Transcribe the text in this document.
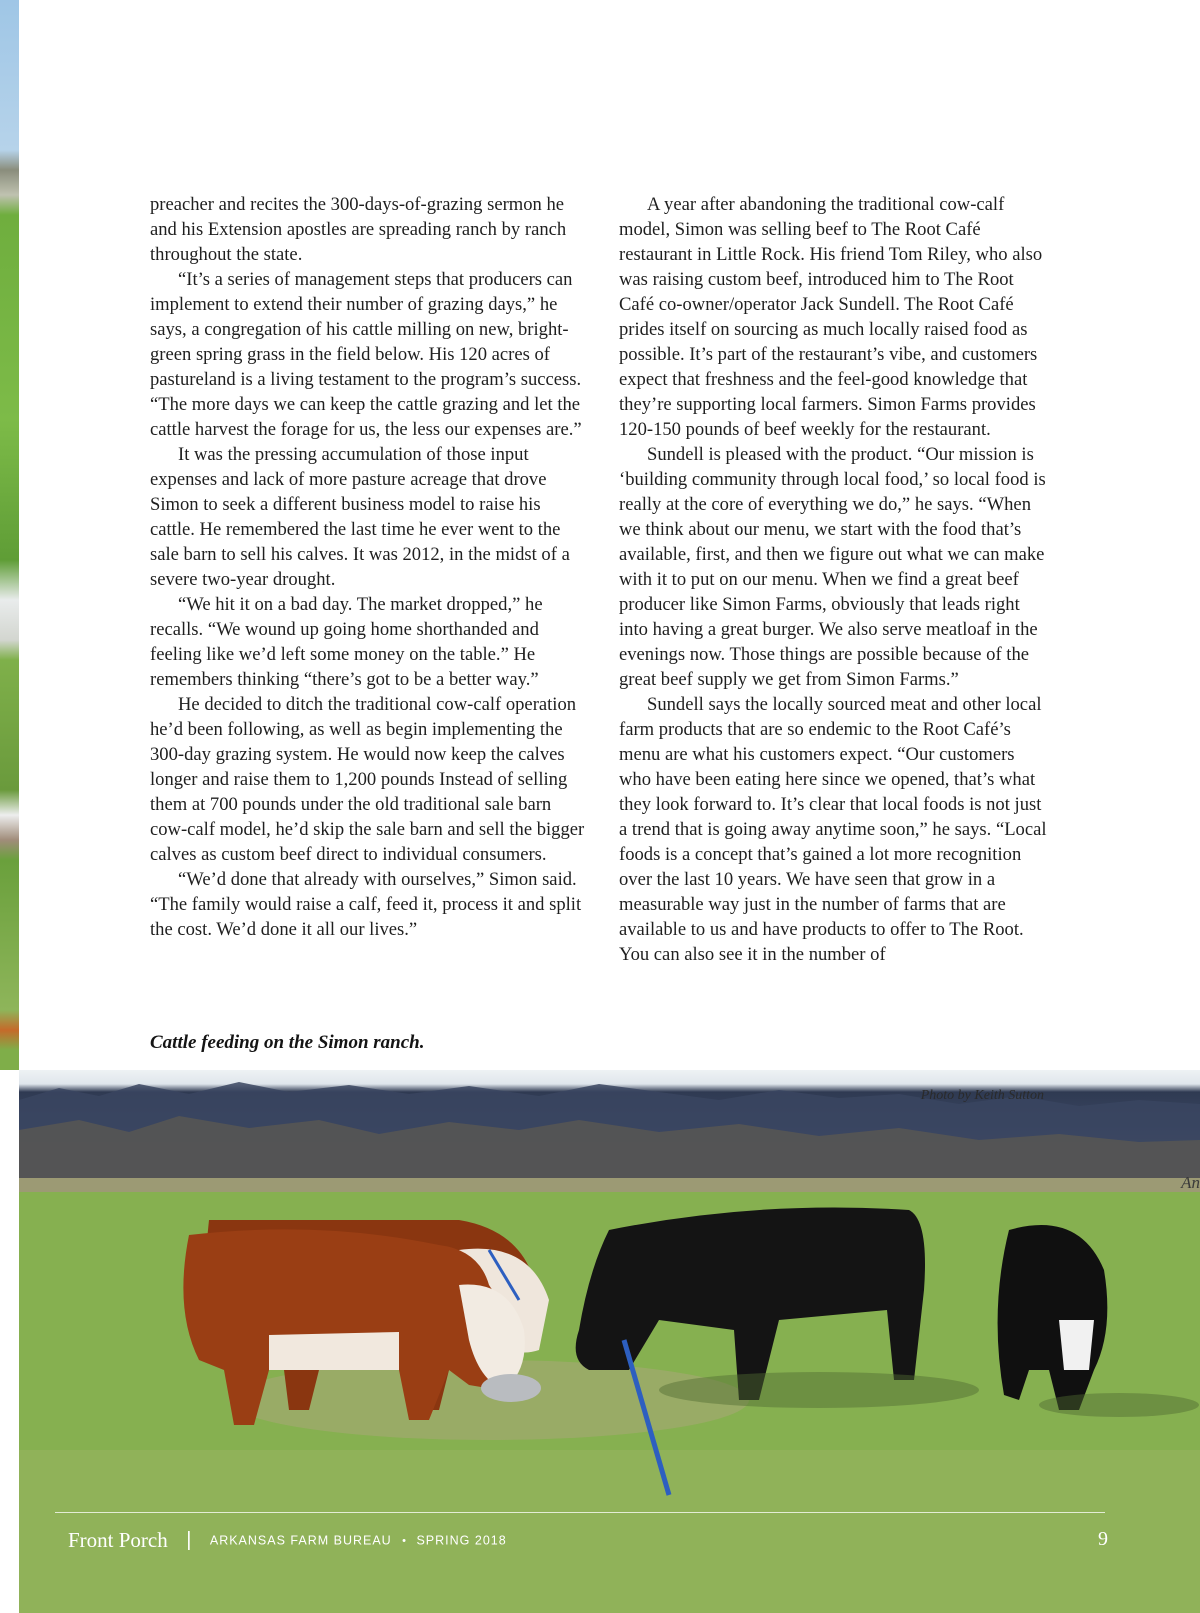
preacher and recites the 300-days-of-grazing sermon he and his Extension apostles are spreading ranch by ranch throughout the state.

“It’s a series of management steps that producers can implement to extend their number of grazing days,” he says, a congregation of his cattle milling on new, bright-green spring grass in the field below. His 120 acres of pastureland is a living testament to the program’s success. “The more days we can keep the cattle grazing and let the cattle harvest the forage for us, the less our expenses are.”

It was the pressing accumulation of those input expenses and lack of more pasture acreage that drove Simon to seek a different business model to raise his cattle. He remembered the last time he ever went to the sale barn to sell his calves. It was 2012, in the midst of a severe two-year drought.

“We hit it on a bad day. The market dropped,” he recalls. “We wound up going home shorthanded and feeling like we’d left some money on the table.” He remembers thinking “there’s got to be a better way.”

He decided to ditch the traditional cow-calf operation he’d been following, as well as begin implementing the 300-day grazing system. He would now keep the calves longer and raise them to 1,200 pounds Instead of selling them at 700 pounds under the old traditional sale barn cow-calf model, he’d skip the sale barn and sell the bigger calves as custom beef direct to individual consumers.

“We’d done that already with ourselves,” Simon said. “The family would raise a calf, feed it, process it and split the cost. We’d done it all our lives.”

A year after abandoning the traditional cow-calf model, Simon was selling beef to The Root Café restaurant in Little Rock. His friend Tom Riley, who also was raising custom beef, introduced him to The Root Café co-owner/operator Jack Sundell. The Root Café prides itself on sourcing as much locally raised food as possible. It’s part of the restaurant’s vibe, and customers expect that freshness and the feel-good knowledge that they’re supporting local farmers. Simon Farms provides 120-150 pounds of beef weekly for the restaurant.

Sundell is pleased with the product. “Our mission is ‘building community through local food,’ so local food is really at the core of everything we do,” he says. “When we think about our menu, we start with the food that’s available, first, and then we figure out what we can make with it to put on our menu. When we find a great beef producer like Simon Farms, obviously that leads right into having a great burger. We also serve meatloaf in the evenings now. Those things are possible because of the great beef supply we get from Simon Farms.”

Sundell says the locally sourced meat and other local farm products that are so endemic to the Root Café’s menu are what his customers expect. “Our customers who have been eating here since we opened, that’s what they look forward to. It’s clear that local foods is not just a trend that is going away anytime soon,” he says. “Local foods is a concept that’s gained a lot more recognition over the last 10 years. We have seen that grow in a measurable way just in the number of farms that are available to us and have products to offer to The Root. You can also see it in the number of

Cattle feeding on the Simon ranch.
Photo by Keith Sutton
An
Front Porch | ARKANSAS FARM BUREAU • SPRING 2018	9
